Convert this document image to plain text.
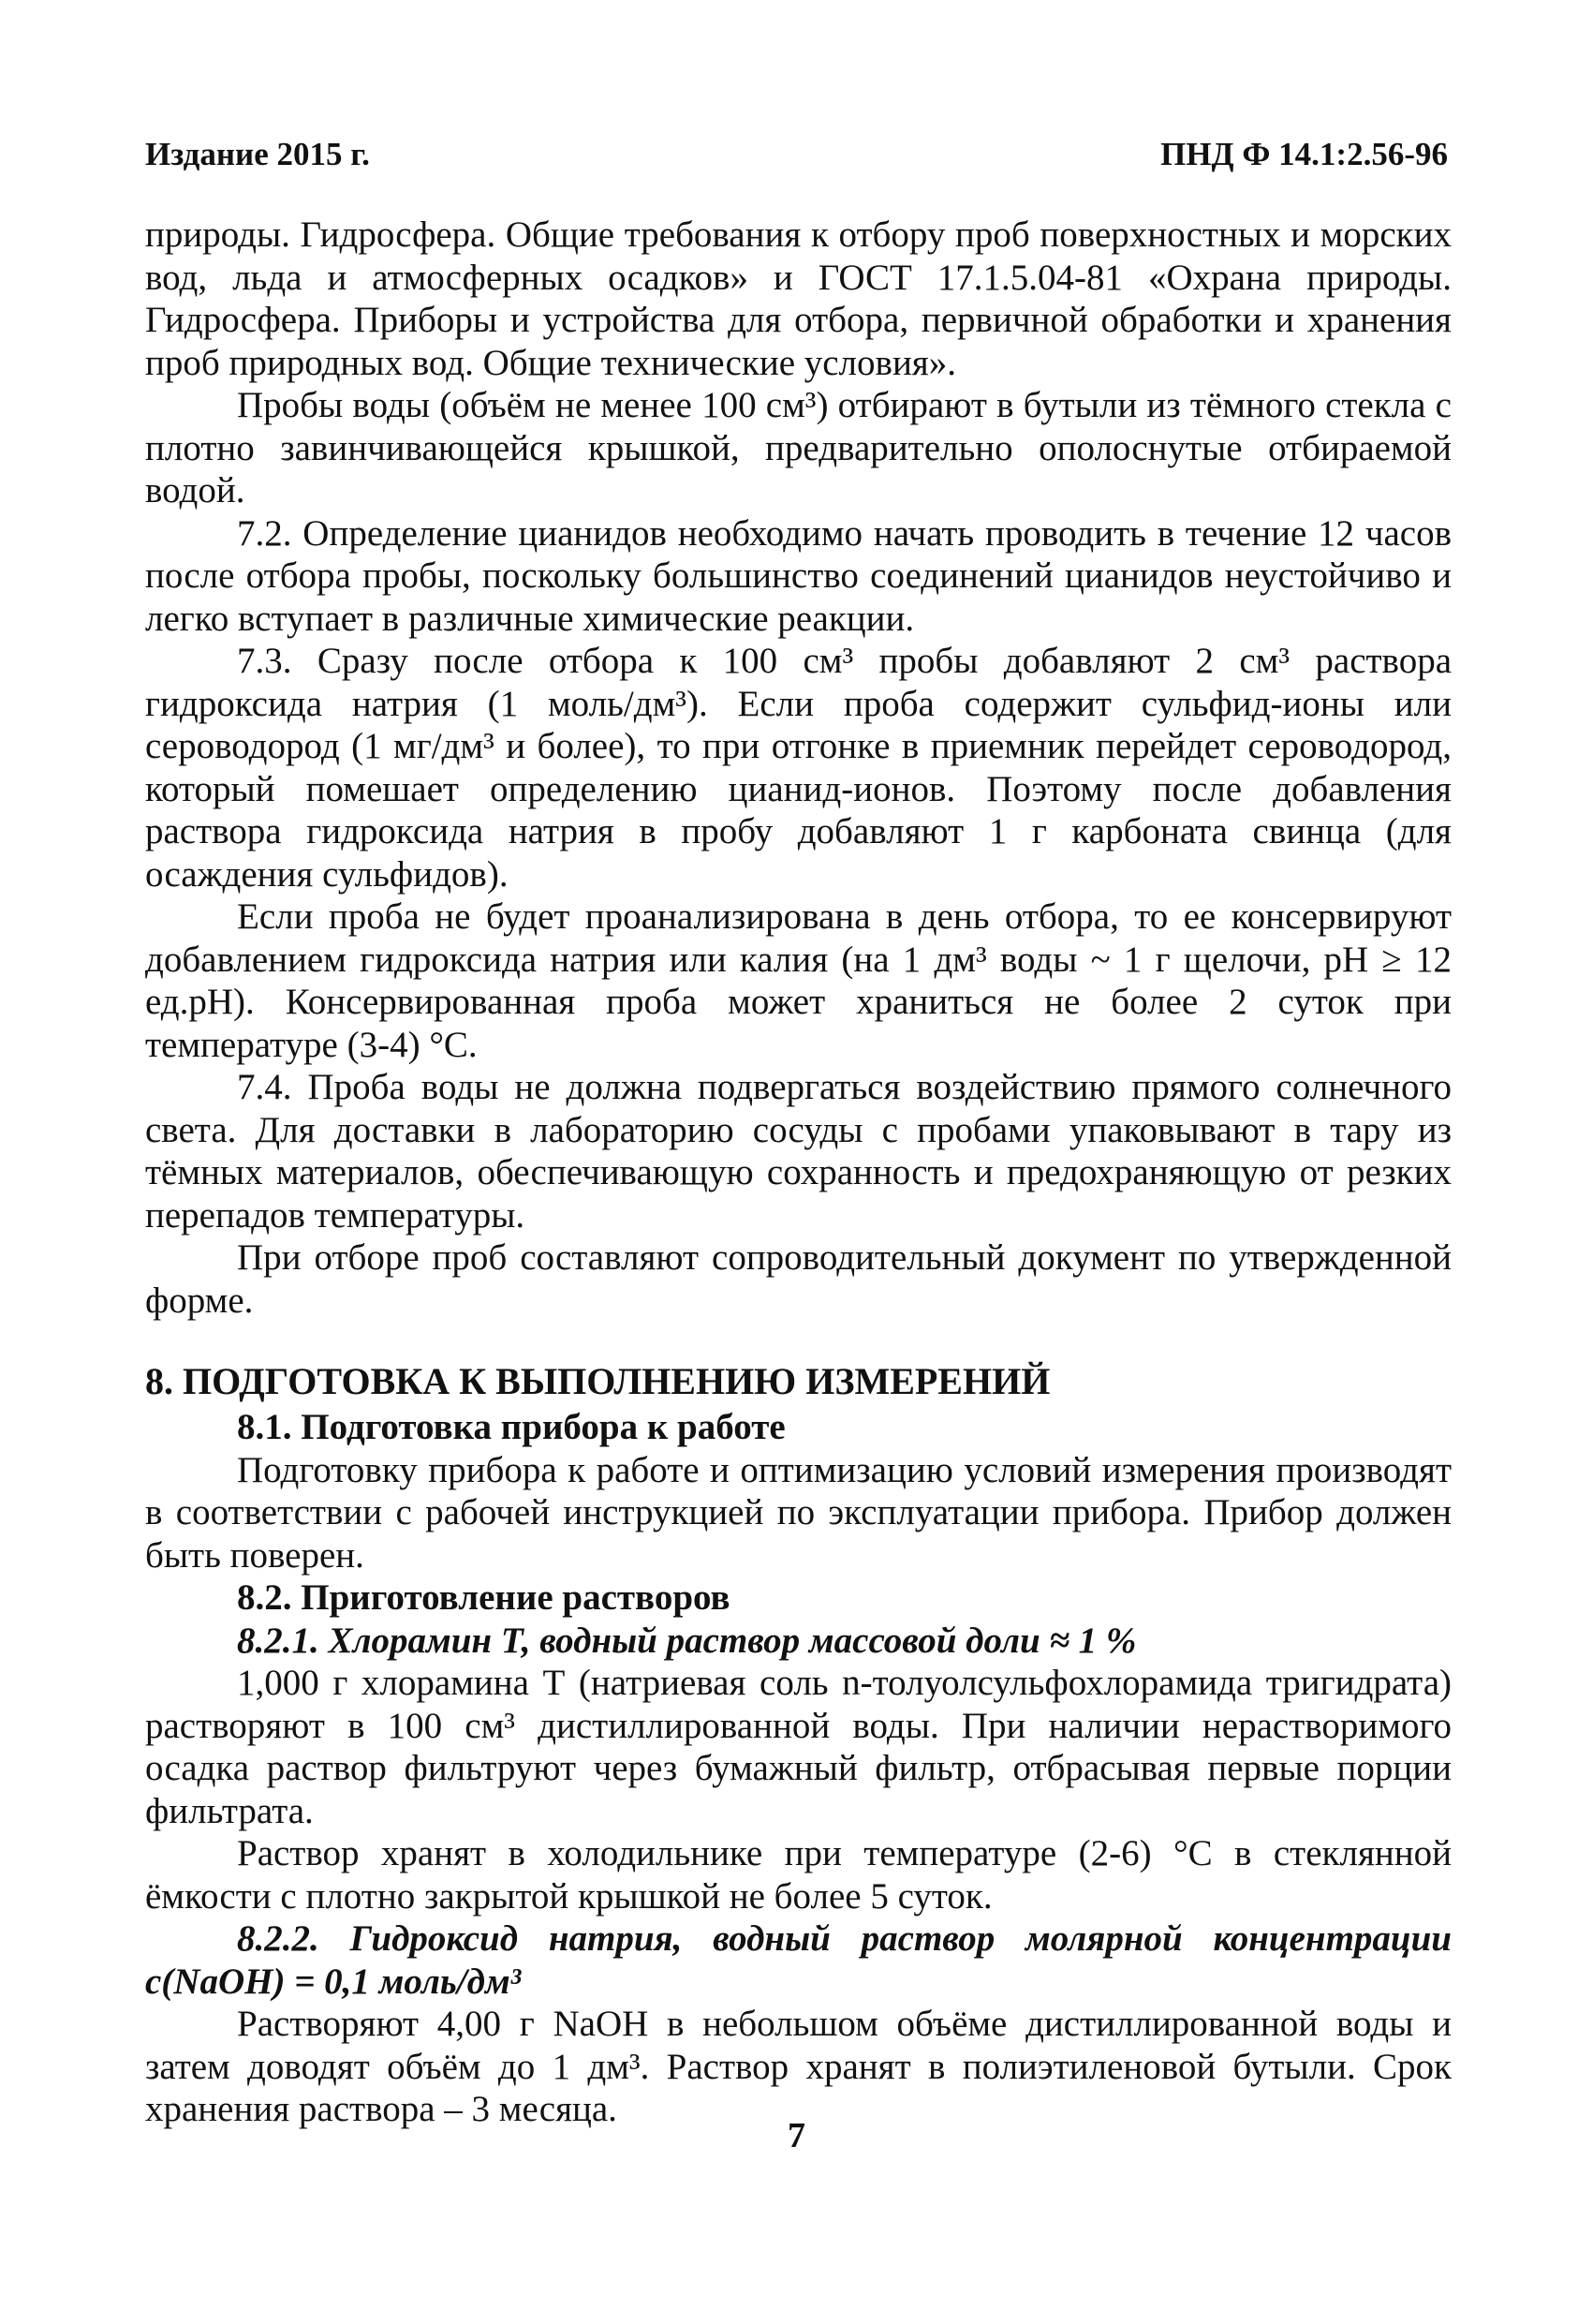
Издание 2015 г.	ПНД Ф 14.1:2.56-96

природы. Гидросфера. Общие требования к отбору проб поверхностных и морских вод, льда и атмосферных осадков» и ГОСТ 17.1.5.04-81 «Охрана природы. Гидросфера. Приборы и устройства для отбора, первичной обработки и хранения проб природных вод. Общие технические условия».

Пробы воды (объём не менее 100 см³) отбирают в бутыли из тёмного стекла с плотно завинчивающейся крышкой, предварительно ополоснутые отбираемой водой.

7.2. Определение цианидов необходимо начать проводить в течение 12 часов после отбора пробы, поскольку большинство соединений цианидов неустойчиво и легко вступает в различные химические реакции.

7.3. Сразу после отбора к 100 см³ пробы добавляют 2 см³ раствора гидроксида натрия (1 моль/дм³). Если проба содержит сульфид-ионы или сероводород (1 мг/дм³ и более), то при отгонке в приемник перейдет сероводород, который помешает определению цианид-ионов. Поэтому после добавления раствора гидроксида натрия в пробу добавляют 1 г карбоната свинца (для осаждения сульфидов).

Если проба не будет проанализирована в день отбора, то ее консервируют добавлением гидроксида натрия или калия (на 1 дм³ воды ~ 1 г щелочи, pH ≥ 12 ед.pH). Консервированная проба может храниться не более 2 суток при температуре (3-4) °С.

7.4. Проба воды не должна подвергаться воздействию прямого солнечного света. Для доставки в лабораторию сосуды с пробами упаковывают в тару из тёмных материалов, обеспечивающую сохранность и предохраняющую от резких перепадов температуры.

При отборе проб составляют сопроводительный документ по утвержденной форме.

8. ПОДГОТОВКА К ВЫПОЛНЕНИЮ ИЗМЕРЕНИЙ

8.1. Подготовка прибора к работе

Подготовку прибора к работе и оптимизацию условий измерения производят в соответствии с рабочей инструкцией по эксплуатации прибора. Прибор должен быть поверен.

8.2. Приготовление растворов

8.2.1. Хлорамин Т, водный раствор массовой доли ≈ 1 %

1,000 г хлорамина Т (натриевая соль n-толуолсульфохлорамида тригидрата) растворяют в 100 см³ дистиллированной воды. При наличии нерастворимого осадка раствор фильтруют через бумажный фильтр, отбрасывая первые порции фильтрата.

Раствор хранят в холодильнике при температуре (2-6) °С в стеклянной ёмкости с плотно закрытой крышкой не более 5 суток.

8.2.2. Гидроксид натрия, водный раствор молярной концентрации c(NaOH) = 0,1 моль/дм³

Растворяют 4,00 г NaOH в небольшом объёме дистиллированной воды и затем доводят объём до 1 дм³. Раствор хранят в полиэтиленовой бутыли. Срок хранения раствора – 3 месяца.

7
